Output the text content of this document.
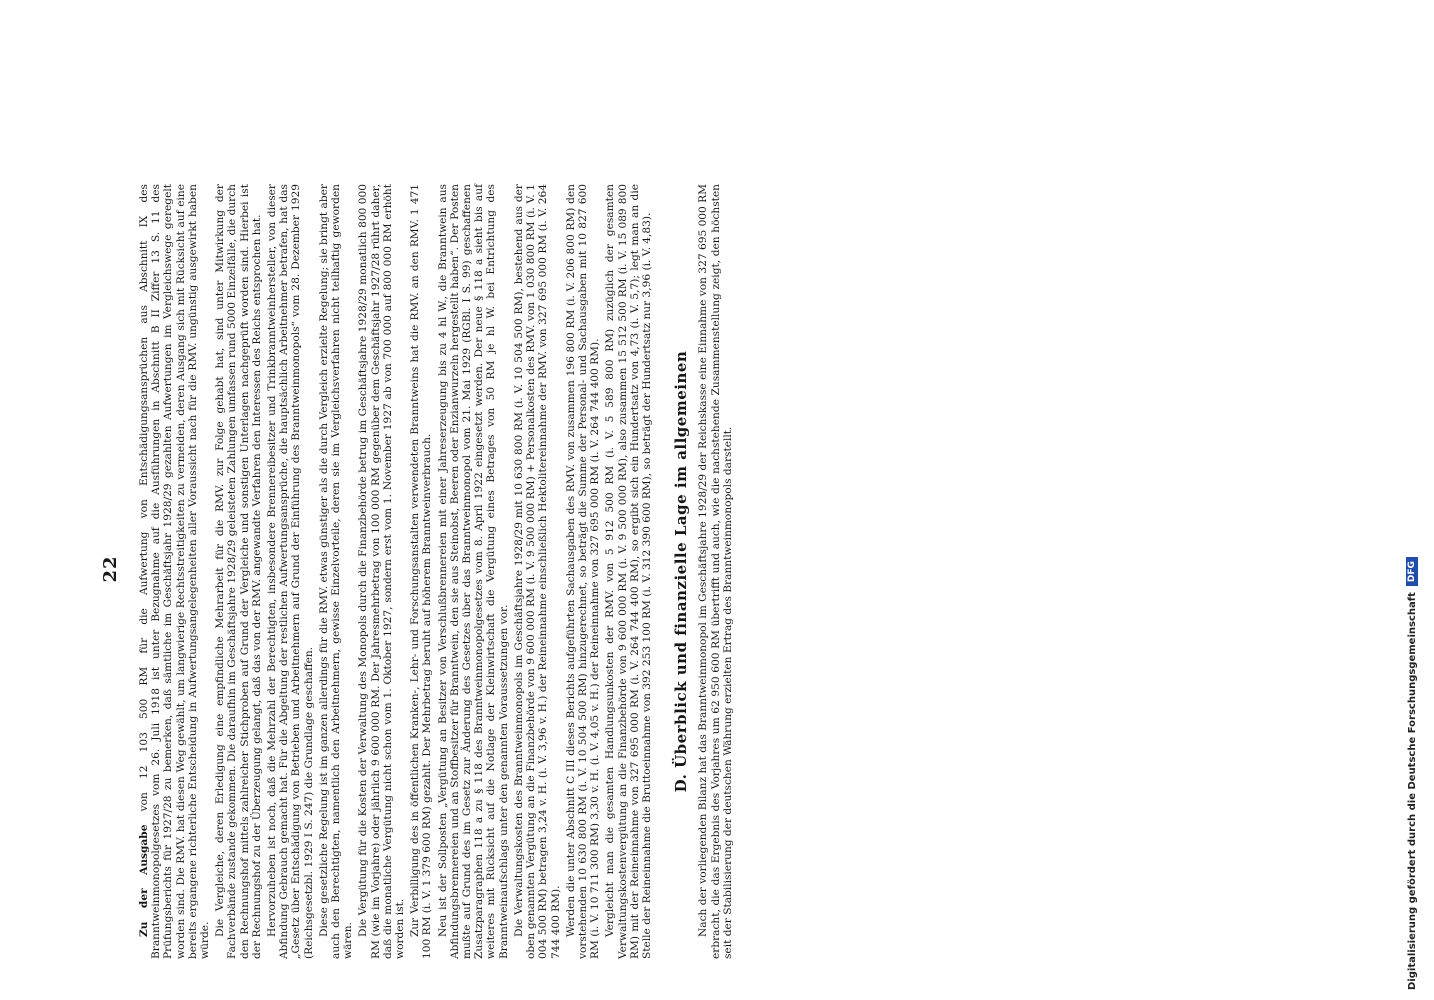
22

Zu der Ausgabe von 12 103 500 RM für die Aufwertung von Entschädigungsansprüchen aus Abschnitt IX des Branntweinmonopolgesetzes vom 26. Juli 1918 ist unter Bezugnahme auf die Ausführungen in Abschnitt B II Ziffer 13 S. 11 des Prüfungsberichts für 1927/28 zu bemerken, daß sämtliche im Geschäftsjahr 1928/29 gezahlten Aufwertungen im Vergleichswege geregelt worden sind. Die RMV. hat diesen Weg gewählt, um langwierige Rechtsstreitigkeiten zu vermeiden, deren Ausgang sich mit Rücksicht auf eine bereits ergangene richterliche Entscheidung in Aufwertungsangelegenheiten aller Voraussicht nach für die RMV. ungünstig ausgewirkt haben würde.

Die Vergleiche, deren Erledigung eine empfindliche Mehrarbeit für die RMV. zur Folge gehabt hat, sind unter Mitwirkung der Fachverbände zustande gekommen. Die daraufhin im Geschäftsjahre 1928/29 geleisteten Zahlungen umfassen rund 5000 Einzelfälle, die durch den Rechnungshof mittels zahlreicher Stichproben auf Grund der Vergleiche und sonstigen Unterlagen nachgeprüft worden sind. Hierbei ist der Rechnungshof zu der Überzeugung gelangt, daß das von der RMV. angewandte Verfahren den Interessen des Reichs entsprochen hat. Hervorzuheben ist noch, daß die Mehrzahl der Berechtigten, insbesondere Brennereibesitzer und Trinkbranntweinhersteller, von dieser Abfindung Gebrauch gemacht hat. Für die Abgeltung der restlichen Aufwertungsansprüche, die hauptsächlich Arbeitnehmer betrafen, hat das „Gesetz über Entschädigung von Betrieben und Arbeitnehmern auf Grund der Einführung des Branntweinmonopols“ vom 28. Dezember 1929 (Reichsgesetzbl. 1929 I S. 247) die Grundlage geschaffen. Diese gesetzliche Regelung ist im ganzen allerdings für die RMV. etwas günstiger als die durch Vergleich erzielte Regelung; sie bringt aber auch den Berechtigten, namentlich den Arbeitnehmern, gewisse Einzelvorteile, deren sie im Vergleichsverfahren nicht teilhaftig geworden wären.

Die Vergütung für die Kosten der Verwaltung des Monopols durch die Finanzbehörde betrug im Geschäftsjahre 1928/29 monatlich 800 000 RM (wie im Vorjahre) oder jährlich 9 600 000 RM. Der Jahresmehrbetrag von 100 000 RM gegenüber dem Geschäftsjahr 1927/28 rührt daher, daß die monatliche Vergütung nicht schon vom 1. Oktober 1927, sondern erst vom 1. November 1927 ab von 700 000 auf 800 000 RM erhöht worden ist. Zur Verbilligung des in öffentlichen Kranken-, Lehr- und Forschungsanstalten verwendeten Branntweins hat die RMV. an den RMV. 1 471 100 RM (i. V. 1 379 600 RM) gezahlt. Der Mehrbetrag beruht auf höherem Branntweinverbrauch. Neu ist der Sollposten „Vergütung an Besitzer von Verschlußbrennereien mit einer Jahreserzeugung bis zu 4 hl W., die Branntwein aus Abfindungsbrennereien und an Stoffbesitzer für Branntwein, den sie aus Steinobst, Beeren oder Enzianwurzeln hergestellt haben“. Der Posten mußte auf Grund des im Gesetz zur Änderung des Gesetzes über das Branntweinmonopol vom 21. Mai 1929 (RGBl. I S. 99) geschaffenen Zusatzparagraphen 118 a zu § 118 des Branntweinmonopolgesetzes vom 8. April 1922 eingesetzt werden. Der neue § 118 a sieht bis auf weiteres mit Rücksicht auf die Notlage der Kleinwirtschaft die Vergütung eines Betrages von 50 RM je hl W. bei Entrichtung des Branntweinaufschlags unter den genannten Voraussetzungen vor. Die Verwaltungskosten des Branntweinmonopols im Geschäftsjahre 1928/29 mit 10 630 800 RM (i. V. 10 504 500 RM), bestehend aus der oben genannten Vergütung an die Finanzbehörde von 9 600 000 RM (i. V. 9 500 000 RM) + Personalkosten des RMV. von 1 030 800 RM (i. V. 1 004 500 RM) betragen 3,24 v. H. (i. V. 3,96 v. H.) der Reineinnahme einschließlich Hektolitereinnahme der RMV. von 327 695 000 RM (i. V. 264 744 400 RM). Werden die unter Abschnitt C III dieses Berichts aufgeführten Sachausgaben des RMV. von zusammen 196 800 RM (i. V. 206 800 RM) den vorstehenden 10 630 800 RM (i. V. 10 504 500 RM) hinzugerechnet, so beträgt die Summe der Personal- und Sachausgaben mit 10 827 600 RM (i. V. 10 711 300 RM) 3,30 v. H. (i. V. 4,05 v. H.) der Reineinnahme von 327 695 000 RM (i. V. 264 744 400 RM). Vergleicht man die gesamten Handlungsunkosten der RMV. von 5 912 500 RM (i. V. 5 589 800 RM) zuzüglich der gesamten Verwaltungskostenvergütung an die Finanzbehörde von 9 600 000 RM (i. V. 9 500 000 RM), also zusammen 15 512 500 RM (i. V. 15 089 800 RM) mit der Reineinnahme von 327 695 000 RM (i. V. 264 744 400 RM), so ergibt sich ein Hundertsatz von 4,73 (i. V. 5,7); legt man an die Stelle der Reineinnahme die Bruttoeinnahme von 392 253 100 RM (i. V. 312 390 600 RM), so beträgt der Hundertsatz nur 3,96 (i. V. 4,83). D. Überblick und finanzielle Lage im allgemeinen Nach der vorliegenden Bilanz hat das Branntweinmonopol im Geschäftsjahre 1928/29 der Reichskasse eine Einnahme von 327 695 000 RM erbracht, die das Ergebnis des Vorjahres um 62 950 600 RM übertrifft und auch, wie die nachstehende Zusammenstellung zeigt, den höchsten seit der Stabilisierung der deutschen Währung erzielten Ertrag des Branntweinmonopols darstellt.	Digitalisierung gefördert durch die Deutsche Forschungsgemeinschaft
DFG
